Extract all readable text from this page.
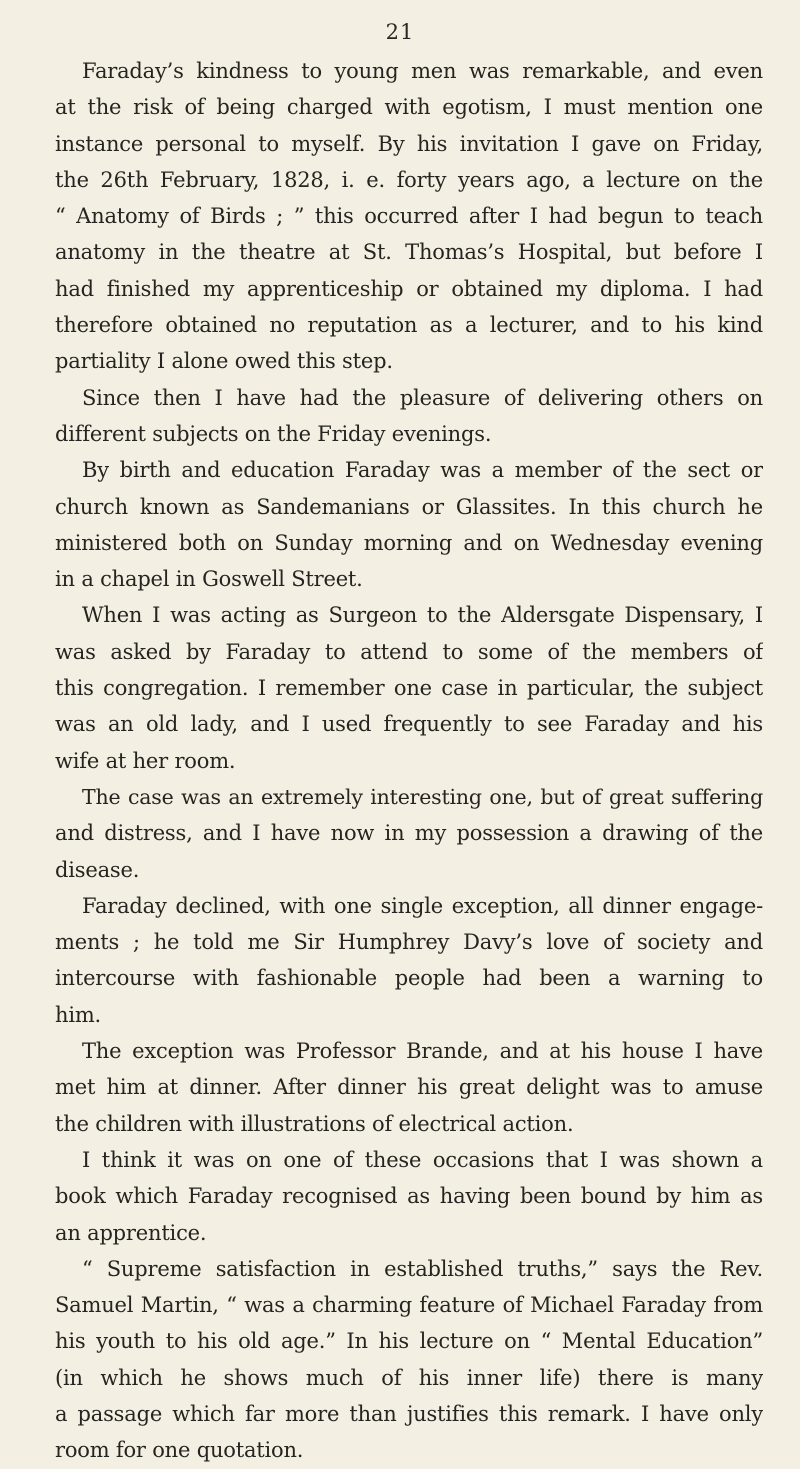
21
Faraday’s kindness to young men was remarkable, and even
at the risk of being charged with egotism, I must mention one
instance personal to myself. By his invitation I gave on Friday,
the 26th February, 1828, i. e. forty years ago, a lecture on the
“ Anatomy of Birds ; ” this occurred after I had begun to teach
anatomy in the theatre at St. Thomas’s Hospital, but before I
had finished my apprenticeship or obtained my diploma. I had
therefore obtained no reputation as a lecturer, and to his kind
partiality I alone owed this step.
Since then I have had the pleasure of delivering others on
different subjects on the Friday evenings.
By birth and education Faraday was a member of the sect or
church known as Sandemanians or Glassites. In this church he
ministered both on Sunday morning and on Wednesday evening
in a chapel in Goswell Street.
When I was acting as Surgeon to the Aldersgate Dispensary, I
was asked by Faraday to attend to some of the members of
this congregation. I remember one case in particular, the subject
was an old lady, and I used frequently to see Faraday and his
wife at her room.
The case was an extremely interesting one, but of great suffering
and distress, and I have now in my possession a drawing of the
disease.
Faraday declined, with one single exception, all dinner engage-
ments ; he told me Sir Humphrey Davy’s love of society and
intercourse with fashionable people had been a warning to
him.
The exception was Professor Brande, and at his house I have
met him at dinner. After dinner his great delight was to amuse
the children with illustrations of electrical action.
I think it was on one of these occasions that I was shown a
book which Faraday recognised as having been bound by him as
an apprentice.
“ Supreme satisfaction in established truths,” says the Rev.
Samuel Martin, “ was a charming feature of Michael Faraday from
his youth to his old age.” In his lecture on “ Mental Education”
(in which he shows much of his inner life) there is many
a passage which far more than justifies this remark. I have only
room for one quotation.
